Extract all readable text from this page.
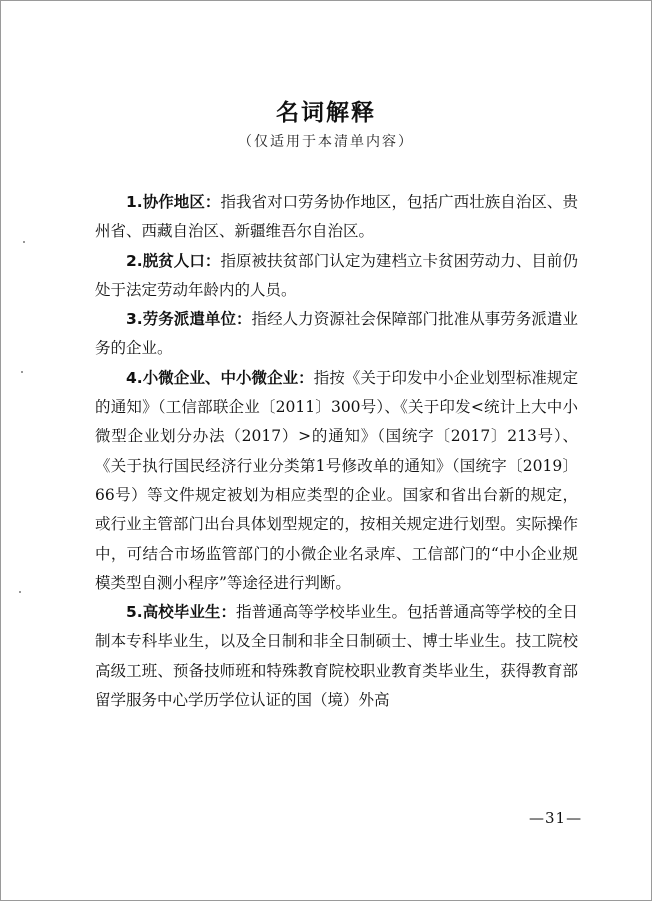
名词解释
（仅适用于本清单内容）

1.协作地区：指我省对口劳务协作地区，包括广西壮族自治区、贵州省、西藏自治区、新疆维吾尔自治区。

2.脱贫人口：指原被扶贫部门认定为建档立卡贫困劳动力、目前仍处于法定劳动年龄内的人员。

3.劳务派遣单位：指经人力资源社会保障部门批准从事劳务派遣业务的企业。

4.小微企业、中小微企业：指按《关于印发中小企业划型标准规定的通知》（工信部联企业〔2011〕300号）、《关于印发<统计上大中小微型企业划分办法（2017）>的通知》（国统字〔2017〕213号）、《关于执行国民经济行业分类第1号修改单的通知》（国统字〔2019〕66号）等文件规定被划为相应类型的企业。国家和省出台新的规定，或行业主管部门出台具体划型规定的，按相关规定进行划型。实际操作中，可结合市场监管部门的小微企业名录库、工信部门的“中小企业规模类型自测小程序”等途径进行判断。

5.高校毕业生：指普通高等学校毕业生。包括普通高等学校的全日制本专科毕业生，以及全日制和非全日制硕士、博士毕业生。技工院校高级工班、预备技师班和特殊教育院校职业教育类毕业生，获得教育部留学服务中心学历学位认证的国（境）外高

—31—
